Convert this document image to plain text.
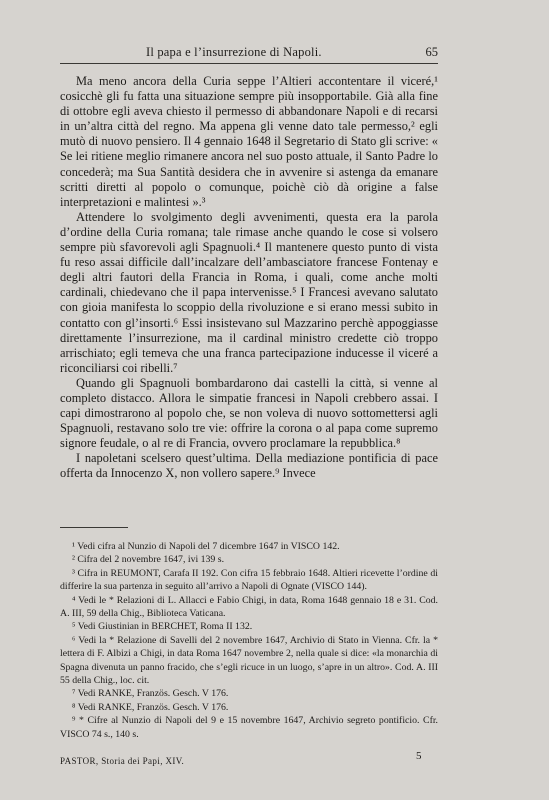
Il papa e l’insurrezione di Napoli.	65

Ma meno ancora della Curia seppe l’Altieri accontentare il viceré,¹ cosicchè gli fu fatta una situazione sempre più insopportabile. Già alla fine di ottobre egli aveva chiesto il permesso di abbandonare Napoli e di recarsi in un’altra città del regno. Ma appena gli venne dato tale permesso,² egli mutò di nuovo pensiero. Il 4 gennaio 1648 il Segretario di Stato gli scrive: « Se lei ritiene meglio rimanere ancora nel suo posto attuale, il Santo Padre lo concederà; ma Sua Santità desidera che in avvenire si astenga da emanare scritti diretti al popolo o comunque, poichè ciò dà origine a false interpretazioni e malintesi ».³

Attendere lo svolgimento degli avvenimenti, questa era la parola d’ordine della Curia romana; tale rimase anche quando le cose si volsero sempre più sfavorevoli agli Spagnuoli.⁴ Il mantenere questo punto di vista fu reso assai difficile dall’incalzare dell’ambasciatore francese Fontenay e degli altri fautori della Francia in Roma, i quali, come anche molti cardinali, chiedevano che il papa intervenisse.⁵ I Francesi avevano salutato con gioia manifesta lo scoppio della rivoluzione e si erano messi subito in contatto con gl’insorti.⁶ Essi insistevano sul Mazzarino perchè appoggiasse direttamente l’insurrezione, ma il cardinal ministro credette ciò troppo arrischiato; egli temeva che una franca partecipazione inducesse il viceré a riconciliarsi coi ribelli.⁷

Quando gli Spagnuoli bombardarono dai castelli la città, si venne al completo distacco. Allora le simpatie francesi in Napoli crebbero assai. I capi dimostrarono al popolo che, se non voleva di nuovo sottomettersi agli Spagnuoli, restavano solo tre vie: offrire la corona o al papa come supremo signore feudale, o al re di Francia, ovvero proclamare la repubblica.⁸

I napoletani scelsero quest’ultima. Della mediazione pontificia di pace offerta da Innocenzo X, non vollero sapere.⁹ Invece

¹ Vedi cifra al Nunzio di Napoli del 7 dicembre 1647 in VISCO 142.

² Cifra del 2 novembre 1647, ivi 139 s.

³ Cifra in REUMONT, Carafa II 192. Con cifra 15 febbraio 1648. Altieri ricevette l’ordine di differire la sua partenza in seguito all’arrivo a Napoli di Ognate (VISCO 144).

⁴ Vedi le * Relazioni di L. Allacci e Fabio Chigi, in data, Roma 1648 gennaio 18 e 31. Cod. A. III, 59 della Chig., Biblioteca Vaticana.

⁵ Vedi Giustinian in BERCHET, Roma II 132.

⁶ Vedi la * Relazione di Savelli del 2 novembre 1647, Archivio di Stato in Vienna. Cfr. la * lettera di F. Albizi a Chigi, in data Roma 1647 novembre 2, nella quale si dice: «la monarchia di Spagna divenuta un panno fracido, che s’egli ricuce in un luogo, s’apre in un altro». Cod. A. III 55 della Chig., loc. cit.

⁷ Vedi RANKE, Französ. Gesch. V 176.

⁸ Vedi RANKE, Französ. Gesch. V 176.

⁹ * Cifre al Nunzio di Napoli del 9 e 15 novembre 1647, Archivio segreto pontificio. Cfr. VISCO 74 s., 140 s.

PASTOR, Storia dei Papi, XIV.	5
